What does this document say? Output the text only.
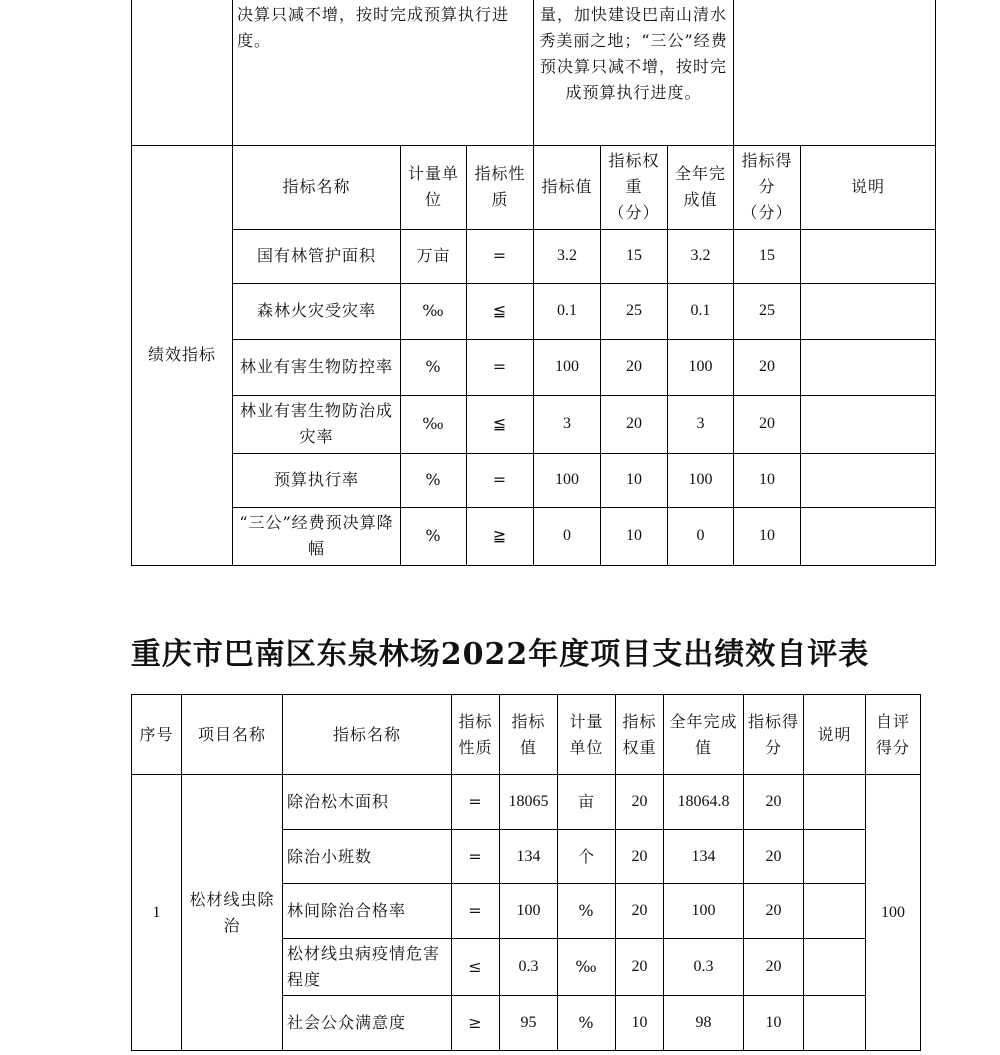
	决算只减不增，按时完成预算执行进度。			量，加快建设巴南山清水秀美丽之地；“三公”经费预决算只减不增，按时完成预算执行进度。				
绩效指标	指标名称	计量单位	指标性质	指标值	指标权重（分）	全年完成值	指标得分（分）	说明
	国有林管护面积	万亩	=	3.2	15	3.2	15	
	森林火灾受灾率	‰	≦	0.1	25	0.1	25	
	林业有害生物防控率	%	=	100	20	100	20	
	林业有害生物防治成灾率	‰	≦	3	20	3	20	
	预算执行率	%	=	100	10	100	10	
	“三公”经费预决算降幅	%	≧	0	10	0	10	
重庆市巴南区东泉林场2022年度项目支出绩效自评表
序号	项目名称	指标名称	指标性质	指标值	计量单位	指标权重	全年完成值	指标得分	说明	自评得分
1	松材线虫除治	除治松木面积	=	18065	亩	20	18064.8	20		100
		除治小班数	=	134	个	20	134	20		
		林间除治合格率	=	100	%	20	100	20		
		松材线虫病疫情危害程度	≤	0.3	‰	20	0.3	20		
		社会公众满意度	≥	95	%	10	98	10		
